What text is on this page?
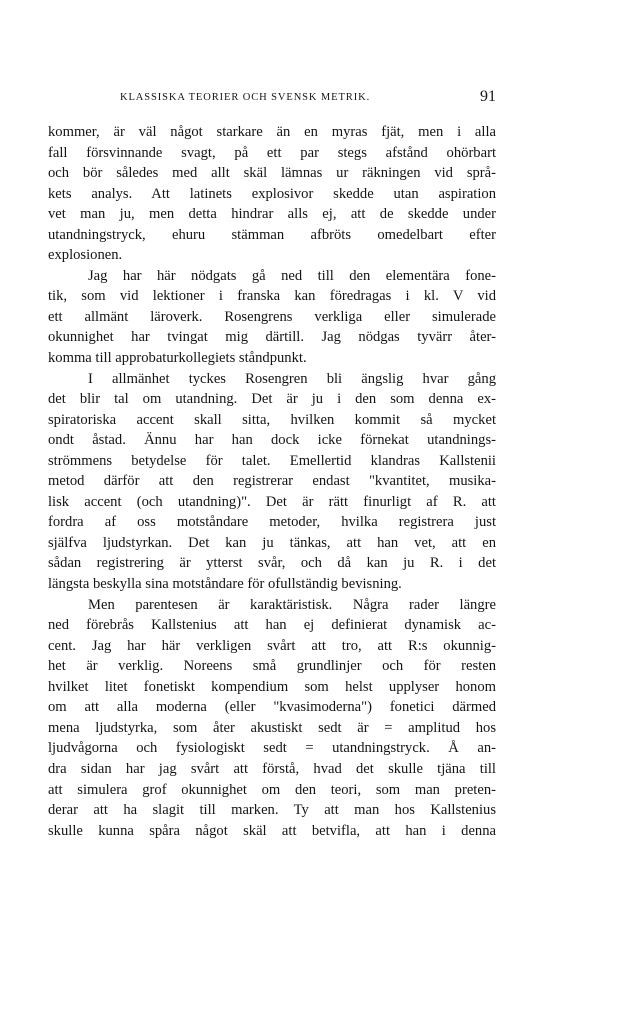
KLASSISKA TEORIER OCH SVENSK METRIK.	91
kommer, är väl något starkare än en myras fjät, men i alla
fall försvinnande svagt, på ett par stegs afstånd ohörbart
och bör således med allt skäl lämnas ur räkningen vid språ-
kets analys. Att latinets explosivor skedde utan aspiration
vet man ju, men detta hindrar alls ej, att de skedde under
utandningstryck, ehuru stämman afbröts omedelbart efter
explosionen.
Jag har här nödgats gå ned till den elementära fone-
tik, som vid lektioner i franska kan föredragas i kl. V vid
ett allmänt läroverk. Rosengrens verkliga eller simulerade
okunnighet har tvingat mig därtill. Jag nödgas tyvärr åter-
komma till approbaturkollegiets ståndpunkt.
I allmänhet tyckes Rosengren bli ängslig hvar gång
det blir tal om utandning. Det är ju i den som denna ex-
spiratoriska accent skall sitta, hvilken kommit så mycket
ondt åstad. Ännu har han dock icke förnekat utandnings-
strömmens betydelse för talet. Emellertid klandras Kallstenii
metod därför att den registrerar endast "kvantitet, musika-
lisk accent (och utandning)". Det är rätt finurligt af R. att
fordra af oss motståndare metoder, hvilka registrera just
själfva ljudstyrkan. Det kan ju tänkas, att han vet, att en
sådan registrering är ytterst svår, och då kan ju R. i det
längsta beskylla sina motståndare för ofullständig bevisning.
Men parentesen är karaktäristisk. Några rader längre
ned förebrås Kallstenius att han ej definierat dynamisk ac-
cent. Jag har här verkligen svårt att tro, att R:s okunnig-
het är verklig. Noreens små grundlinjer och för resten
hvilket litet fonetiskt kompendium som helst upplyser honom
om att alla moderna (eller "kvasimoderna") fonetici därmed
mena ljudstyrka, som åter akustiskt sedt är = amplitud hos
ljudvågorna och fysiologiskt sedt = utandningstryck. Å an-
dra sidan har jag svårt att förstå, hvad det skulle tjäna till
att simulera grof okunnighet om den teori, som man preten-
derar att ha slagit till marken. Ty att man hos Kallstenius
skulle kunna spåra något skäl att betvifla, att han i denna
